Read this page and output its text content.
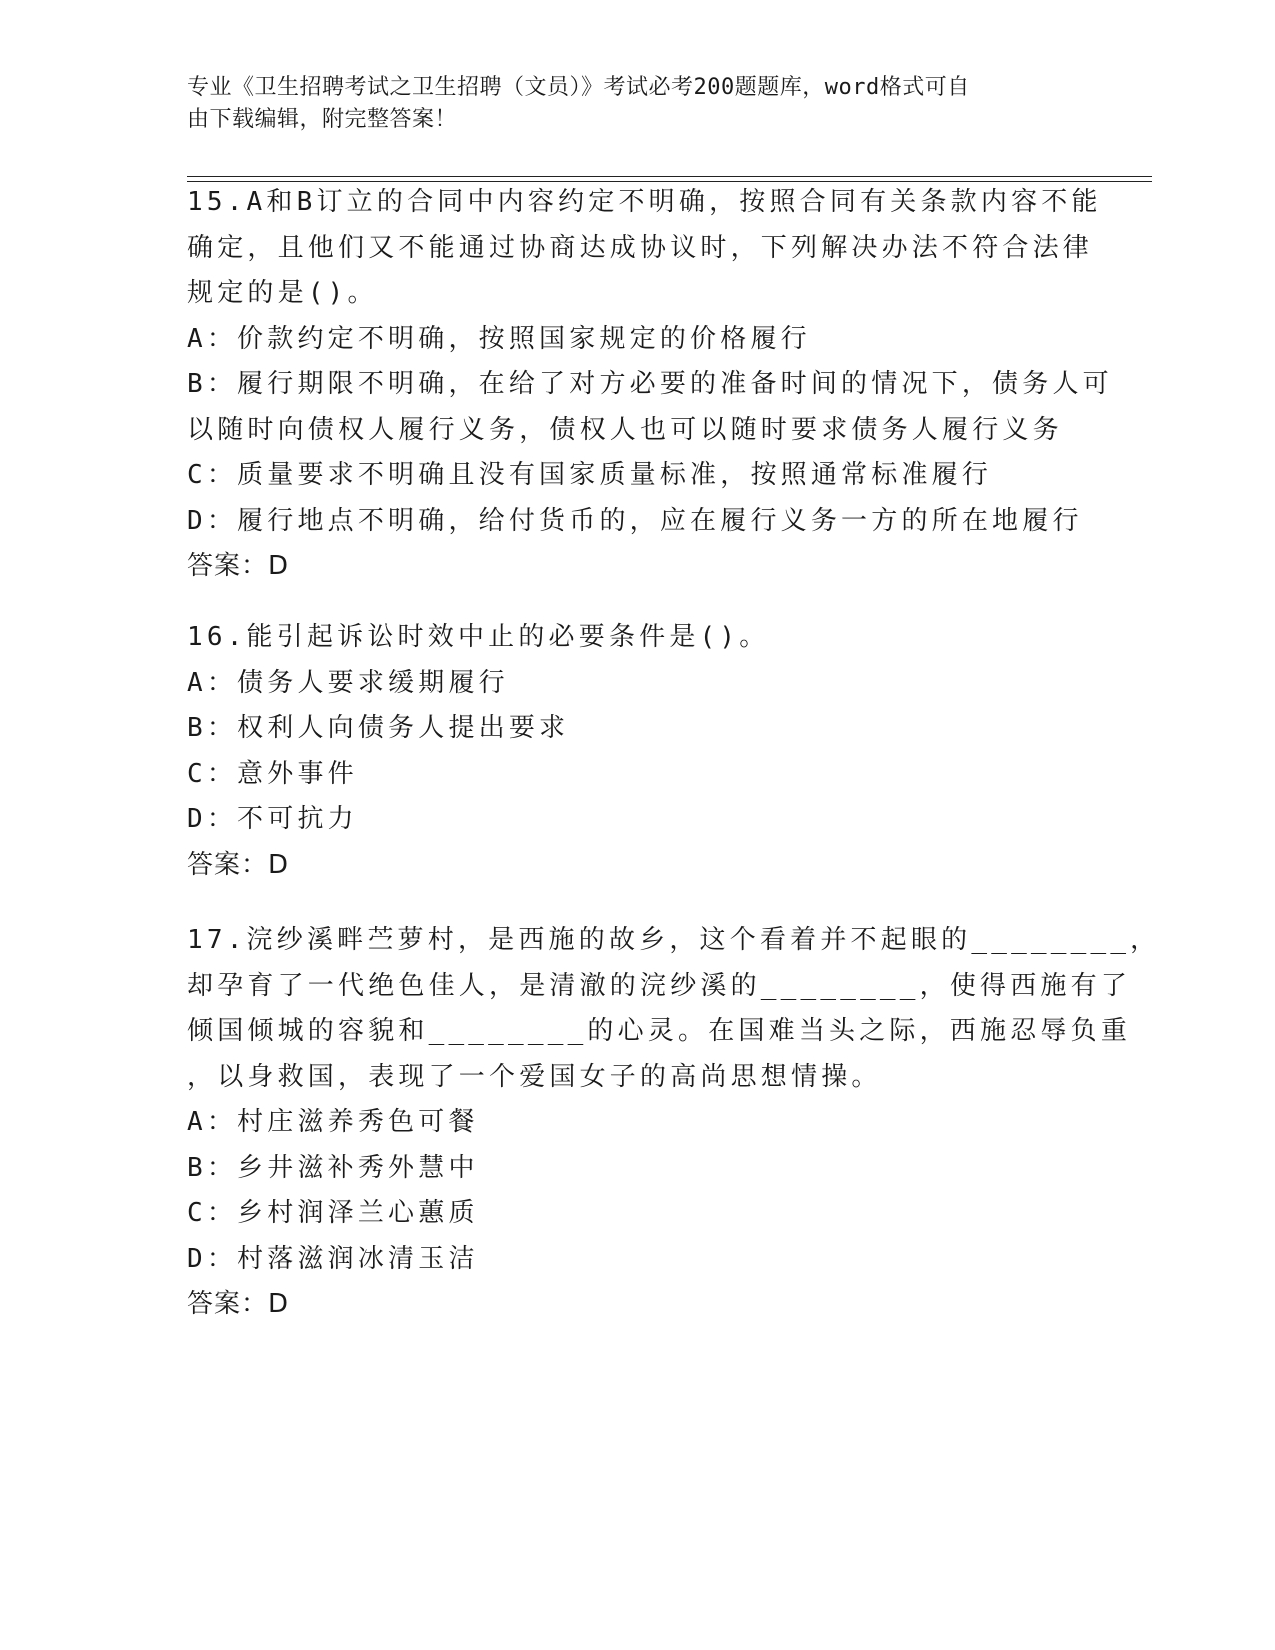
专业《卫生招聘考试之卫生招聘（文员）》考试必考200题题库，word格式可自
由下载编辑，附完整答案！
15.A和B订立的合同中内容约定不明确，按照合同有关条款内容不能
确定，且他们又不能通过协商达成协议时，下列解决办法不符合法律
规定的是()。
A：价款约定不明确，按照国家规定的价格履行
B：履行期限不明确，在给了对方必要的准备时间的情况下，债务人可
以随时向债权人履行义务，债权人也可以随时要求债务人履行义务
C：质量要求不明确且没有国家质量标准，按照通常标准履行
D：履行地点不明确，给付货币的，应在履行义务一方的所在地履行
答案：D
16.能引起诉讼时效中止的必要条件是()。
A：债务人要求缓期履行
B：权利人向债务人提出要求
C：意外事件
D：不可抗力
答案：D
17.浣纱溪畔苎萝村，是西施的故乡，这个看着并不起眼的________，
却孕育了一代绝色佳人，是清澈的浣纱溪的________，使得西施有了
倾国倾城的容貌和________的心灵。在国难当头之际，西施忍辱负重
，以身救国，表现了一个爱国女子的高尚思想情操。
A：村庄滋养秀色可餐
B：乡井滋补秀外慧中
C：乡村润泽兰心蕙质
D：村落滋润冰清玉洁
答案：D
